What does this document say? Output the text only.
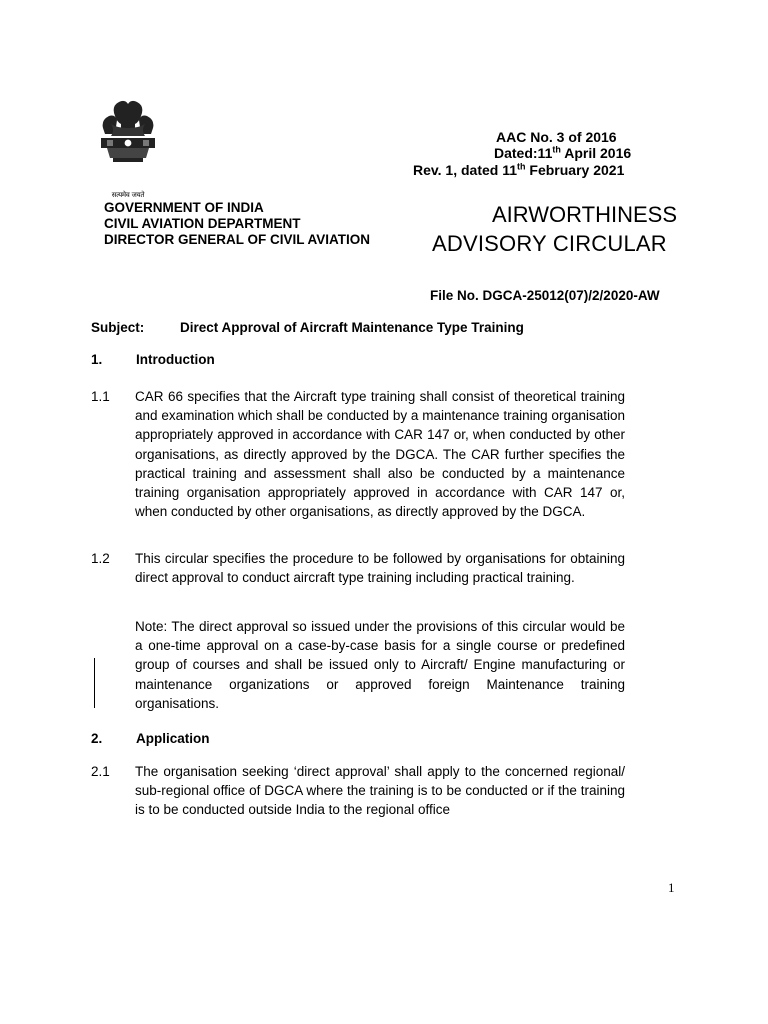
सत्यमेव जयते
AAC No. 3 of 2016
Dated:11th April 2016
Rev. 1, dated 11th February 2021
GOVERNMENT OF INDIA
CIVIL AVIATION DEPARTMENT
DIRECTOR GENERAL OF CIVIL AVIATION
AIRWORTHINESS
ADVISORY CIRCULAR
File No. DGCA-25012(07)/2/2020-AW
Subject:	Direct Approval of Aircraft Maintenance Type Training
1. Introduction
1.1 CAR 66 specifies that the Aircraft type training shall consist of theoretical training and examination which shall be conducted by a maintenance training organisation appropriately approved in accordance with CAR 147 or, when conducted by other organisations, as directly approved by the DGCA. The CAR further specifies the practical training and assessment shall also be conducted by a maintenance training organisation appropriately approved in accordance with CAR 147 or, when conducted by other organisations, as directly approved by the DGCA.
1.2 This circular specifies the procedure to be followed by organisations for obtaining direct approval to conduct aircraft type training including practical training.
Note: The direct approval so issued under the provisions of this circular would be a one-time approval on a case-by-case basis for a single course or predefined group of courses and shall be issued only to Aircraft/ Engine manufacturing or maintenance organizations or approved foreign Maintenance training organisations.
2. Application
2.1 The organisation seeking ‘direct approval’ shall apply to the concerned regional/ sub-regional office of DGCA where the training is to be conducted or if the training is to be conducted outside India to the regional office
1
